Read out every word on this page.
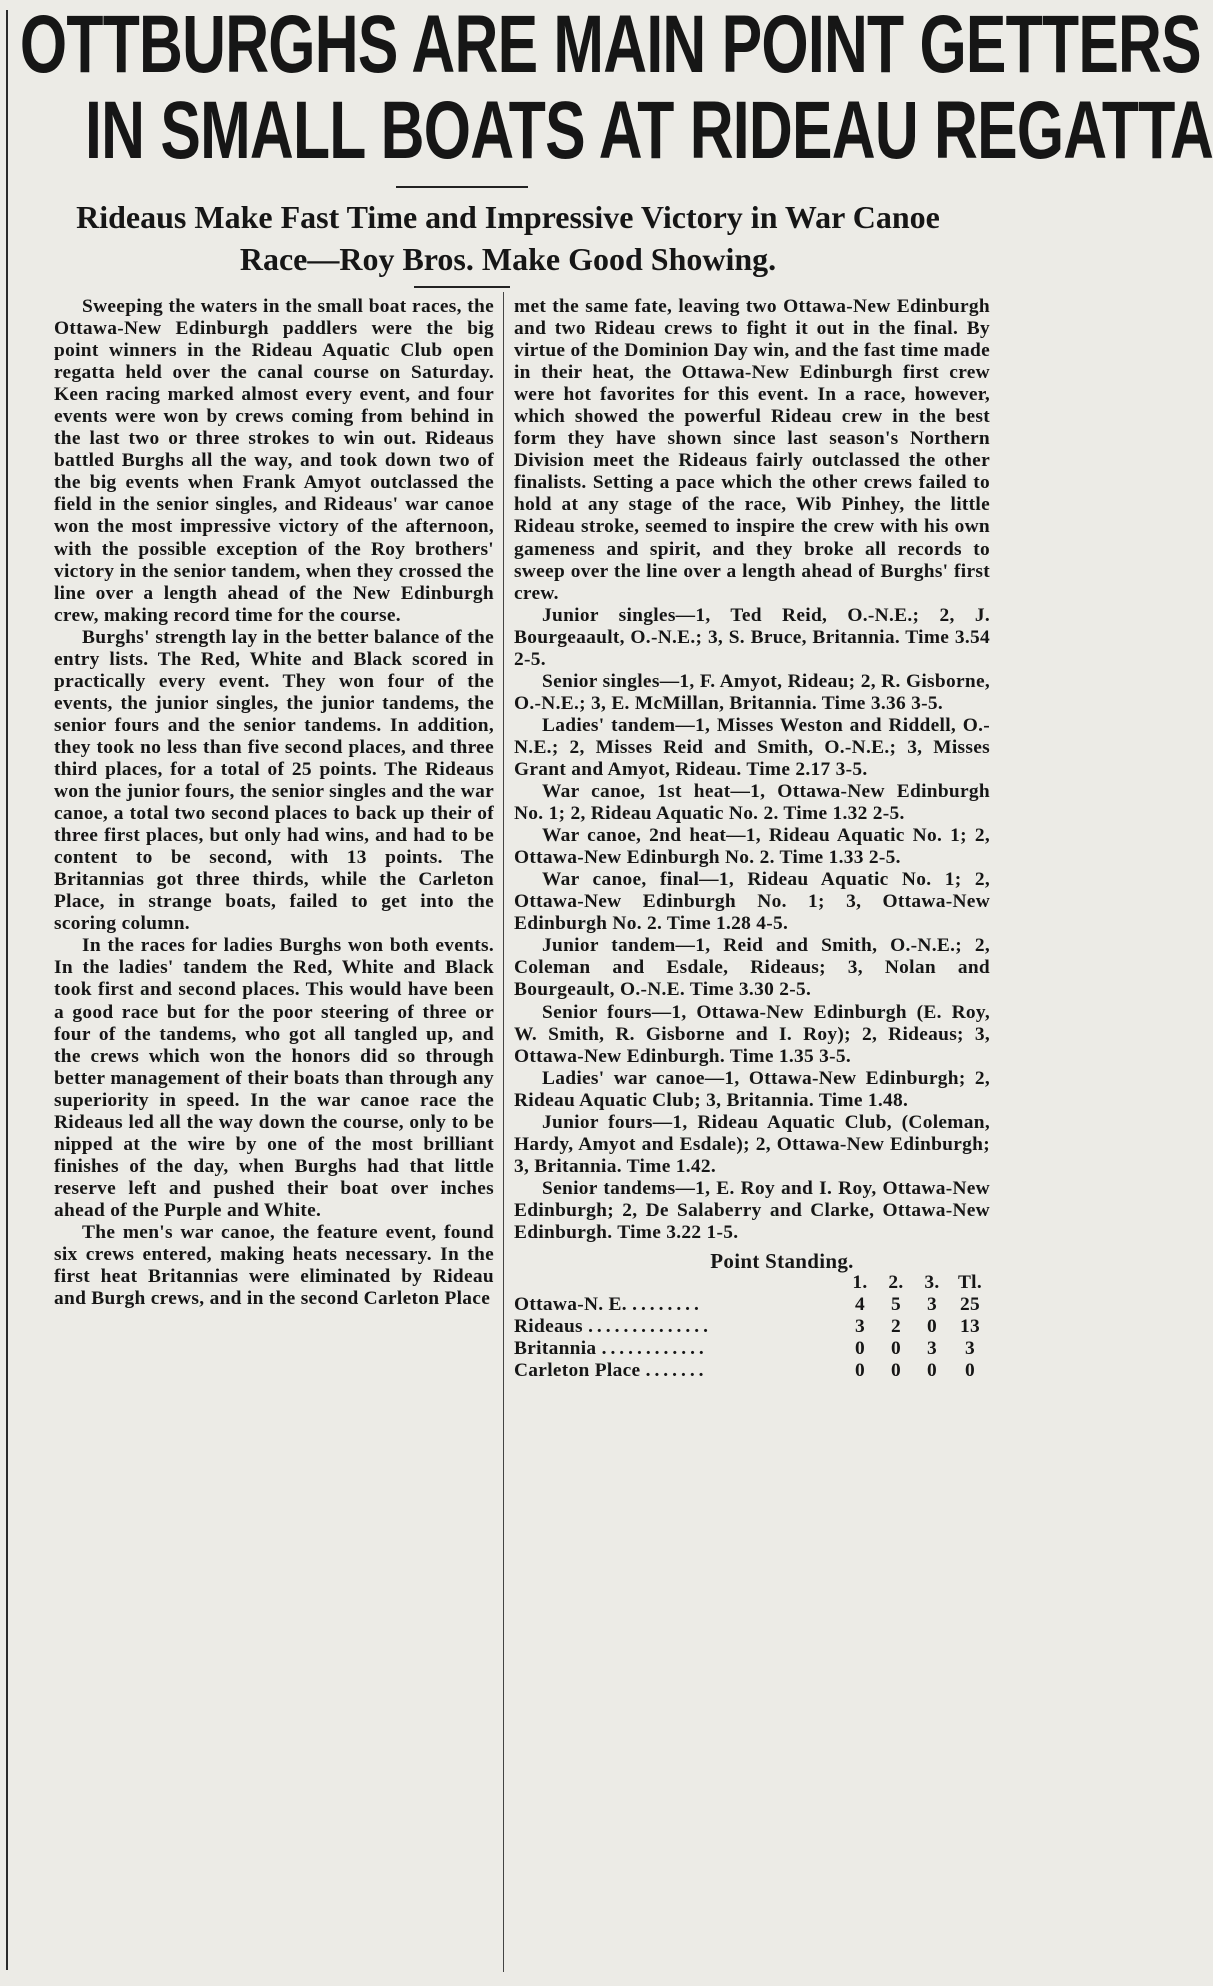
OTTBURGHS ARE MAIN POINT GETTERS
IN SMALL BOATS AT RIDEAU REGATTA
Rideaus Make Fast Time and Impressive Victory in War Canoe
Race—Roy Bros. Make Good Showing.

Sweeping the waters in the small boat races, the Ottawa-New Edinburgh paddlers were the big point winners in the Rideau Aquatic Club open regatta held over the canal course on Saturday. Keen racing marked almost every event, and four events were won by crews coming from behind in the last two or three strokes to win out. Rideaus battled Burghs all the way, and took down two of the big events when Frank Amyot outclassed the field in the senior singles, and Rideaus' war canoe won the most impressive victory of the afternoon, with the possible exception of the Roy brothers' victory in the senior tandem, when they crossed the line over a length ahead of the New Edinburgh crew, making record time for the course.

Burghs' strength lay in the better balance of the entry lists. The Red, White and Black scored in practically every event. They won four of the events, the junior singles, the junior tandems, the senior fours and the senior tandems. In addition, they took no less than five second places, and three third places, for a total of 25 points. The Rideaus won the junior fours, the senior singles and the war canoe, a total two second places to back up their of three first places, but only had wins, and had to be content to be second, with 13 points. The Britannias got three thirds, while the Carleton Place, in strange boats, failed to get into the scoring column.

In the races for ladies Burghs won both events. In the ladies' tandem the Red, White and Black took first and second places. This would have been a good race but for the poor steering of three or four of the tandems, who got all tangled up, and the crews which won the honors did so through better management of their boats than through any superiority in speed. In the war canoe race the Rideaus led all the way down the course, only to be nipped at the wire by one of the most brilliant finishes of the day, when Burghs had that little reserve left and pushed their boat over inches ahead of the Purple and White.

The men's war canoe, the feature event, found six crews entered, making heats necessary. In the first heat Britannias were eliminated by Rideau and Burgh crews, and in the second Carleton Place

met the same fate, leaving two Ottawa-New Edinburgh and two Rideau crews to fight it out in the final. By virtue of the Dominion Day win, and the fast time made in their heat, the Ottawa-New Edinburgh first crew were hot favorites for this event. In a race, however, which showed the powerful Rideau crew in the best form they have shown since last season's Northern Division meet the Rideaus fairly outclassed the other finalists. Setting a pace which the other crews failed to hold at any stage of the race, Wib Pinhey, the little Rideau stroke, seemed to inspire the crew with his own gameness and spirit, and they broke all records to sweep over the line over a length ahead of Burghs' first crew.

Junior singles—1, Ted Reid, O.-N.E.; 2, J. Bourgeaault, O.-N.E.; 3, S. Bruce, Britannia. Time 3.54 2-5.

Senior singles—1, F. Amyot, Rideau; 2, R. Gisborne, O.-N.E.; 3, E. McMillan, Britannia. Time 3.36 3-5.

Ladies' tandem—1, Misses Weston and Riddell, O.-N.E.; 2, Misses Reid and Smith, O.-N.E.; 3, Misses Grant and Amyot, Rideau. Time 2.17 3-5.

War canoe, 1st heat—1, Ottawa-New Edinburgh No. 1; 2, Rideau Aquatic No. 2. Time 1.32 2-5.

War canoe, 2nd heat—1, Rideau Aquatic No. 1; 2, Ottawa-New Edinburgh No. 2. Time 1.33 2-5.

War canoe, final—1, Rideau Aquatic No. 1; 2, Ottawa-New Edinburgh No. 1; 3, Ottawa-New Edinburgh No. 2. Time 1.28 4-5.

Junior tandem—1, Reid and Smith, O.-N.E.; 2, Coleman and Esdale, Rideaus; 3, Nolan and Bourgeault, O.-N.E. Time 3.30 2-5.

Senior fours—1, Ottawa-New Edinburgh (E. Roy, W. Smith, R. Gisborne and I. Roy); 2, Rideaus; 3, Ottawa-New Edinburgh. Time 1.35 3-5.

Ladies' war canoe—1, Ottawa-New Edinburgh; 2, Rideau Aquatic Club; 3, Britannia. Time 1.48.

Junior fours—1, Rideau Aquatic Club, (Coleman, Hardy, Amyot and Esdale); 2, Ottawa-New Edinburgh; 3, Britannia. Time 1.42.

Senior tandems—1, E. Roy and I. Roy, Ottawa-New Edinburgh; 2, De Salaberry and Clarke, Ottawa-New Edinburgh. Time 3.22 1-5.

Point Standing.
	1.	2.	3.	Tl.
Ottawa-N. E. ........	4	5	3	25
Rideaus ..............	3	2	0	13
Britannia ............	0	0	3	3
Carleton Place .......	0	0	0	0
